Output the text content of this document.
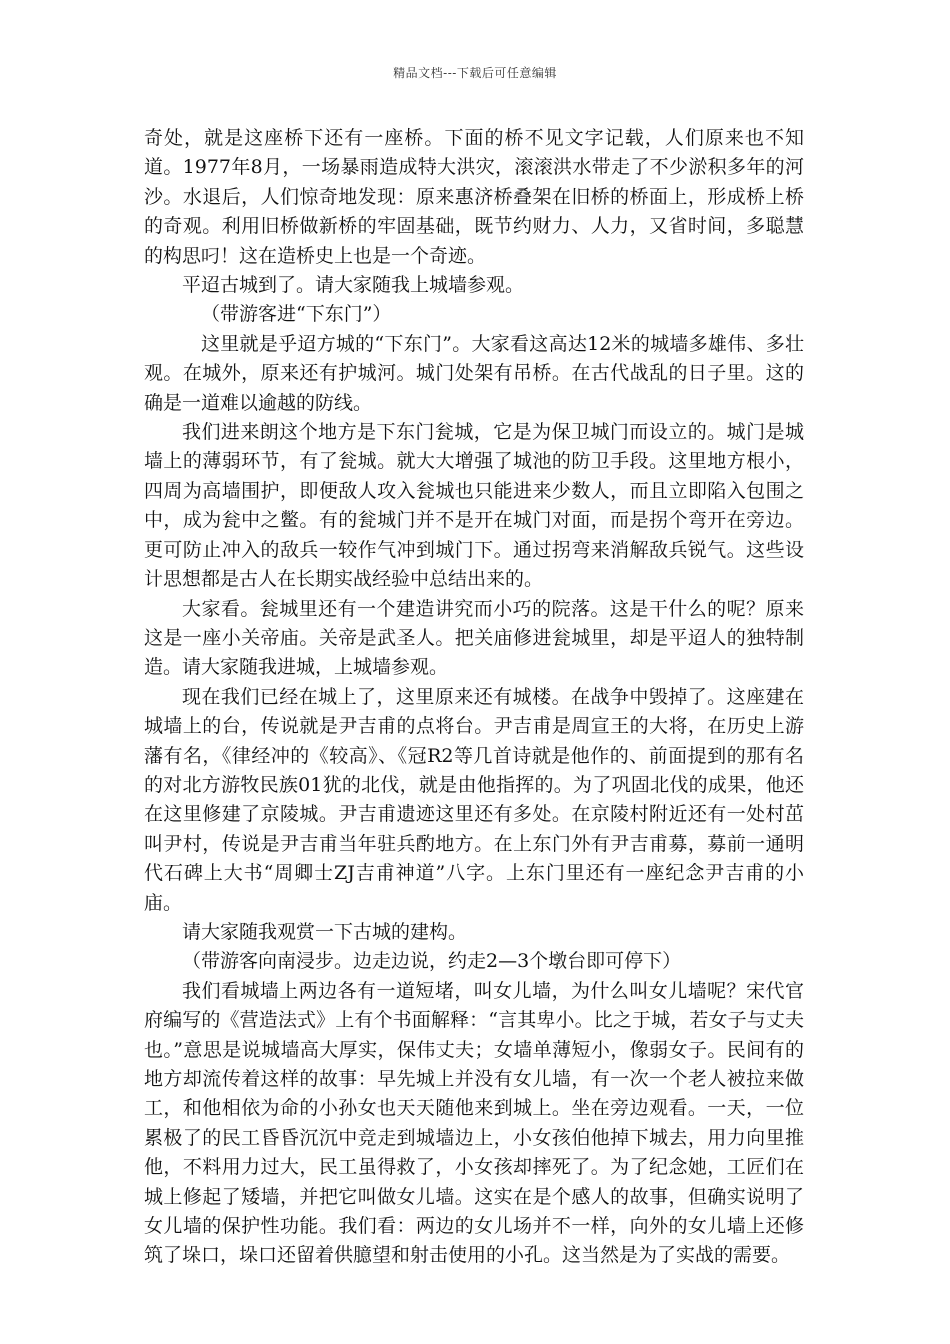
精品文档---下载后可任意编辑

奇处，就是这座桥下还有一座桥。下面的桥不见文字记载，人们原来也不知道。1977年8月，一场暴雨造成特大洪灾，滚滚洪水带走了不少淤积多年的河沙。水退后，人们惊奇地发现：原来惠济桥叠架在旧桥的桥面上，形成桥上桥的奇观。利用旧桥做新桥的牢固基础，既节约财力、人力，又省时间，多聪慧的构思叼！这在造桥史上也是一个奇迹。

平迢古城到了。请大家随我上城墙参观。

（带游客进“下东门”）

这里就是乎迢方城的“下东门”。大家看这高达12米的城墙多雄伟、多壮观。在城外，原来还有护城河。城门处架有吊桥。在古代战乱的日子里。这的确是一道难以逾越的防线。

我们进来朗这个地方是下东门瓮城，它是为保卫城门而设立的。城门是城墙上的薄弱环节，有了瓮城。就大大增强了城池的防卫手段。这里地方根小，四周为高墙围护，即便敌人攻入瓮城也只能进来少数人，而且立即陷入包围之中，成为瓮中之鳖。有的瓮城门并不是开在城门对面，而是拐个弯开在旁边。更可防止冲入的敌兵一较作气冲到城门下。通过拐弯来消解敌兵锐气。这些设计思想都是古人在长期实战经验中总结出来的。

大家看。瓮城里还有一个建造讲究而小巧的院落。这是干什么的呢？原来这是一座小关帝庙。关帝是武圣人。把关庙修进瓮城里，却是平迢人的独特制造。请大家随我进城，上城墙参观。

现在我们已经在城上了，这里原来还有城楼。在战争中毁掉了。这座建在城墙上的台，传说就是尹吉甫的点将台。尹吉甫是周宣王的大将，在历史上游藩有名，《律经冲的《较高》、《冠R2等几首诗就是他作的、前面提到的那有名的对北方游牧民族01犹的北伐，就是由他指挥的。为了巩固北伐的成果，他还在这里修建了京陵城。尹吉甫遗迹这里还有多处。在京陵村附近还有一处村茁叫尹村，传说是尹吉甫当年驻兵酌地方。在上东门外有尹吉甫募，募前一通明代石碑上大书“周卿士ZJ吉甫神道”八字。上东门里还有一座纪念尹吉甫的小庙。

请大家随我观赏一下古城的建构。

（带游客向南浸步。边走边说，约走2—3个墩台即可停下）

我们看城墙上两边各有一道短堵，叫女儿墙，为什么叫女儿墙呢？宋代官府编写的《营造法式》上有个书面解释：“言其卑小。比之于城，若女子与丈夫也。”意思是说城墙高大厚实，保伟丈夫；女墙单薄短小，像弱女子。民间有的地方却流传着这样的故事：早先城上并没有女儿墙，有一次一个老人被拉来做工，和他相依为命的小孙女也天天随他来到城上。坐在旁边观看。一天，一位累极了的民工昏昏沉沉中竞走到城墙边上，小女孩伯他掉下城去，用力向里推他，不料用力过大，民工虽得救了，小女孩却摔死了。为了纪念她，工匠们在城上修起了矮墙，并把它叫做女儿墙。这实在是个感人的故事，但确实说明了女儿墙的保护性功能。我们看：两边的女儿场并不一样，向外的女儿墙上还修筑了垛口，垛口还留着供臆望和射击使用的小孔。这当然是为了实战的需要。
